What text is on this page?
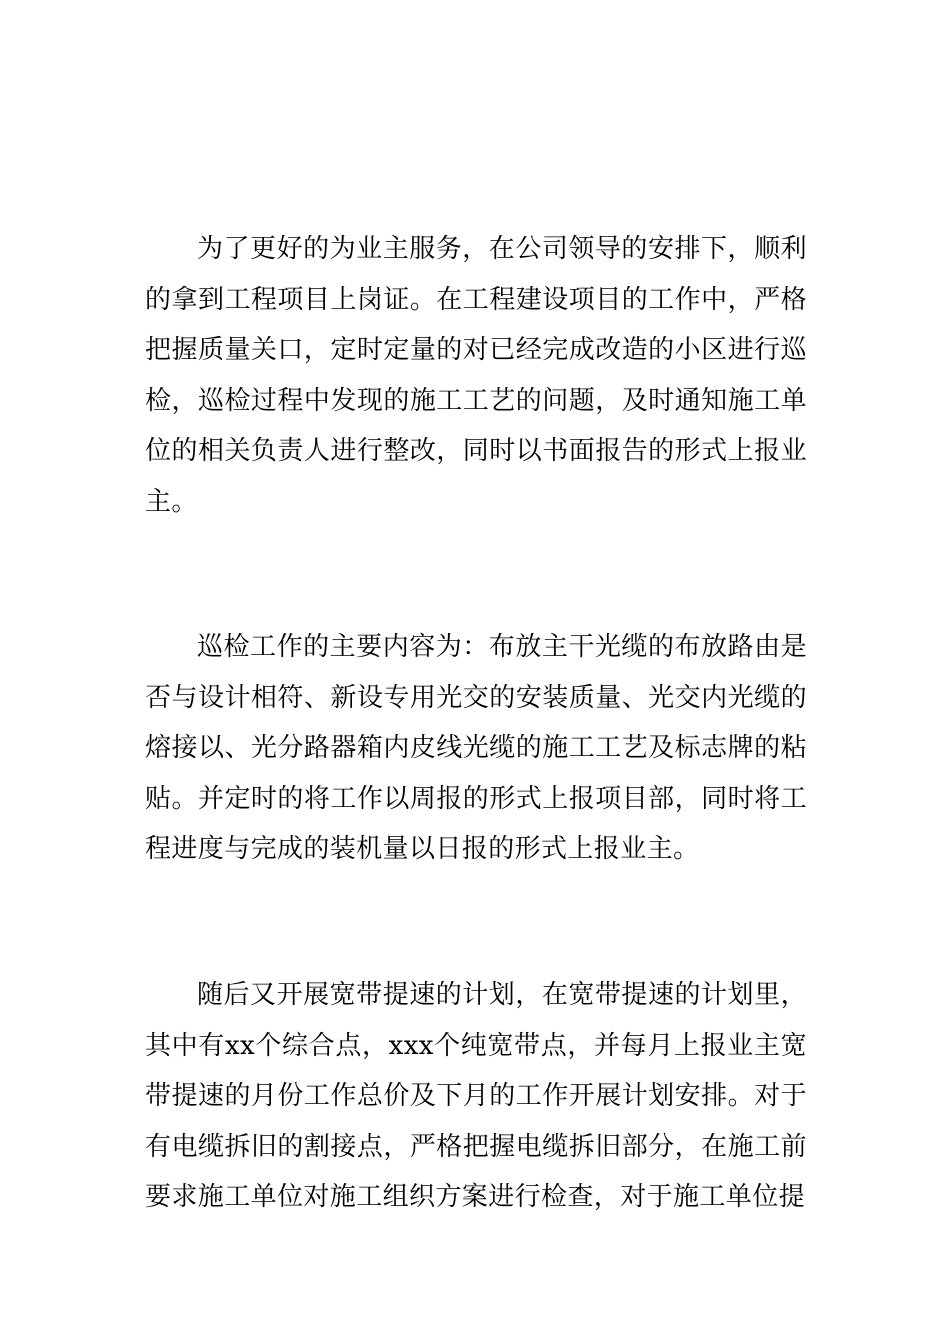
为了更好的为业主服务，在公司领导的安排下，顺利的拿到工程项目上岗证。在工程建设项目的工作中，严格把握质量关口，定时定量的对已经完成改造的小区进行巡检，巡检过程中发现的施工工艺的问题，及时通知施工单位的相关负责人进行整改，同时以书面报告的形式上报业主。

巡检工作的主要内容为：布放主干光缆的布放路由是否与设计相符、新设专用光交的安装质量、光交内光缆的熔接以、光分路器箱内皮线光缆的施工工艺及标志牌的粘贴。并定时的将工作以周报的形式上报项目部，同时将工程进度与完成的装机量以日报的形式上报业主。

随后又开展宽带提速的计划，在宽带提速的计划里，其中有xx个综合点，xxx个纯宽带点，并每月上报业主宽带提速的月份工作总价及下月的工作开展计划安排。对于有电缆拆旧的割接点，严格把握电缆拆旧部分，在施工前要求施工单位对施工组织方案进行检查，对于施工单位提
